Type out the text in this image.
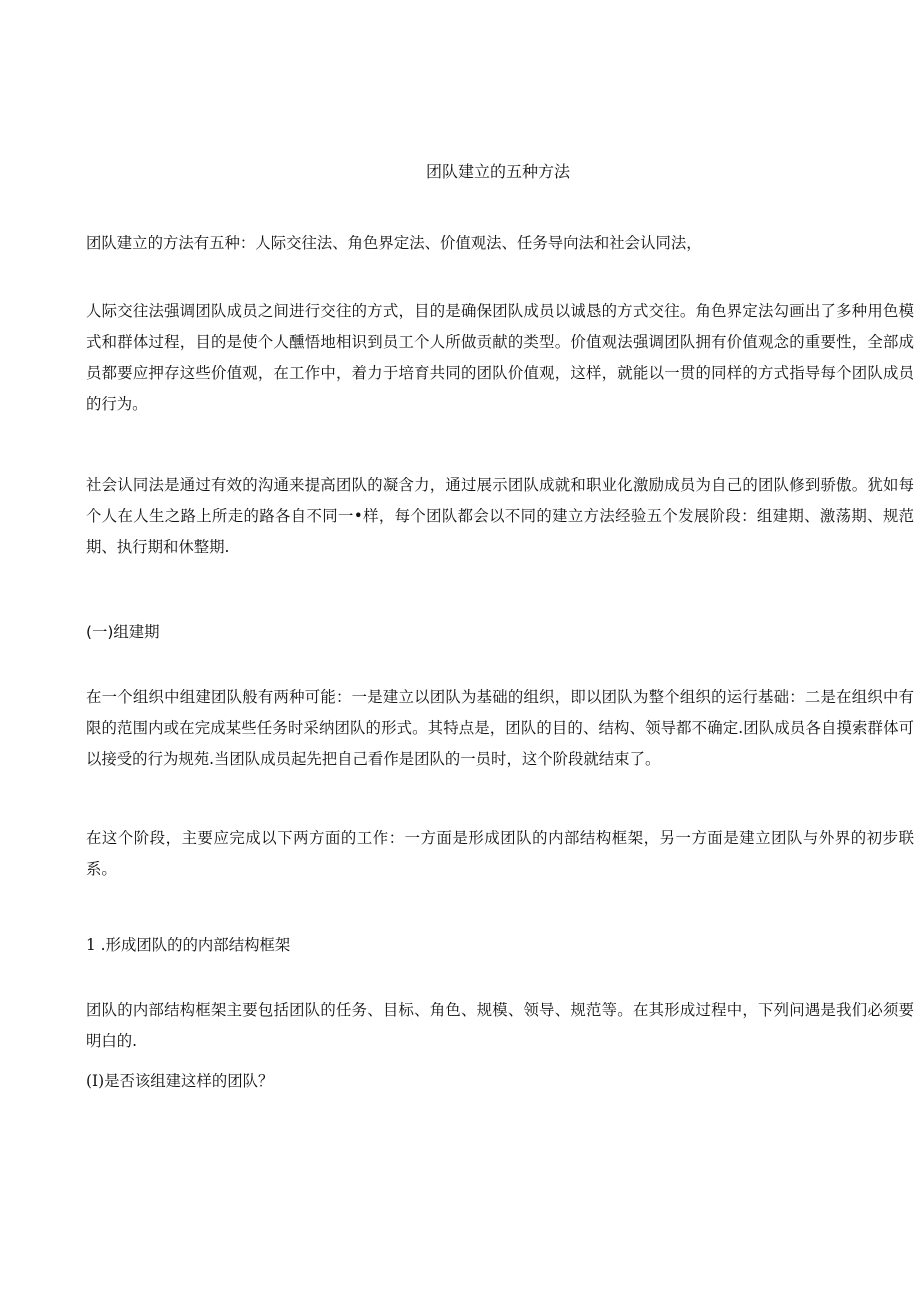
团队建立的五种方法

团队建立的方法有五种：人际交往法、角色界定法、价值观法、任务导向法和社会认同法，

人际交往法强调团队成员之间进行交往的方式，目的是确保团队成员以诚恳的方式交往。角色界定法勾画出了多种用色模式和群体过程，目的是使个人醺悟地相识到员工个人所做贡献的类型。价值观法强调团队拥有价值观念的重要性，全部成员都要应押存这些价值观，在工作中，着力于培育共同的团队价值观，这样，就能以一贯的同样的方式指导每个团队成员的行为。

社会认同法是通过有效的沟通来提高团队的凝含力，通过展示团队成就和职业化激励成员为自己的团队修到骄傲。犹如每个人在人生之路上所走的路各自不同一•样，每个团队都会以不同的建立方法经验五个发展阶段：组建期、激荡期、规范期、执行期和休整期.

(一)组建期

在一个组织中组建团队般有两种可能：一是建立以团队为基础的组织，即以团队为整个组织的运行基础：二是在组织中有限的范围内或在完成某些任务时采纳团队的形式。其特点是，团队的目的、结构、领导都不确定.团队成员各自摸索群体可以接受的行为规苑.当团队成员起先把自己看作是团队的一员时，这个阶段就结束了。

在这个阶段，主要应完成以下两方面的工作：一方面是形成团队的内部结构框架，另一方面是建立团队与外界的初步联系。

1 .形成团队的的内部结构框架

团队的内部结构框架主要包括团队的任务、目标、角色、规模、领导、规范等。在其形成过程中，下列问遇是我们必须要明白的.

(I)是否该组建这样的团队？
